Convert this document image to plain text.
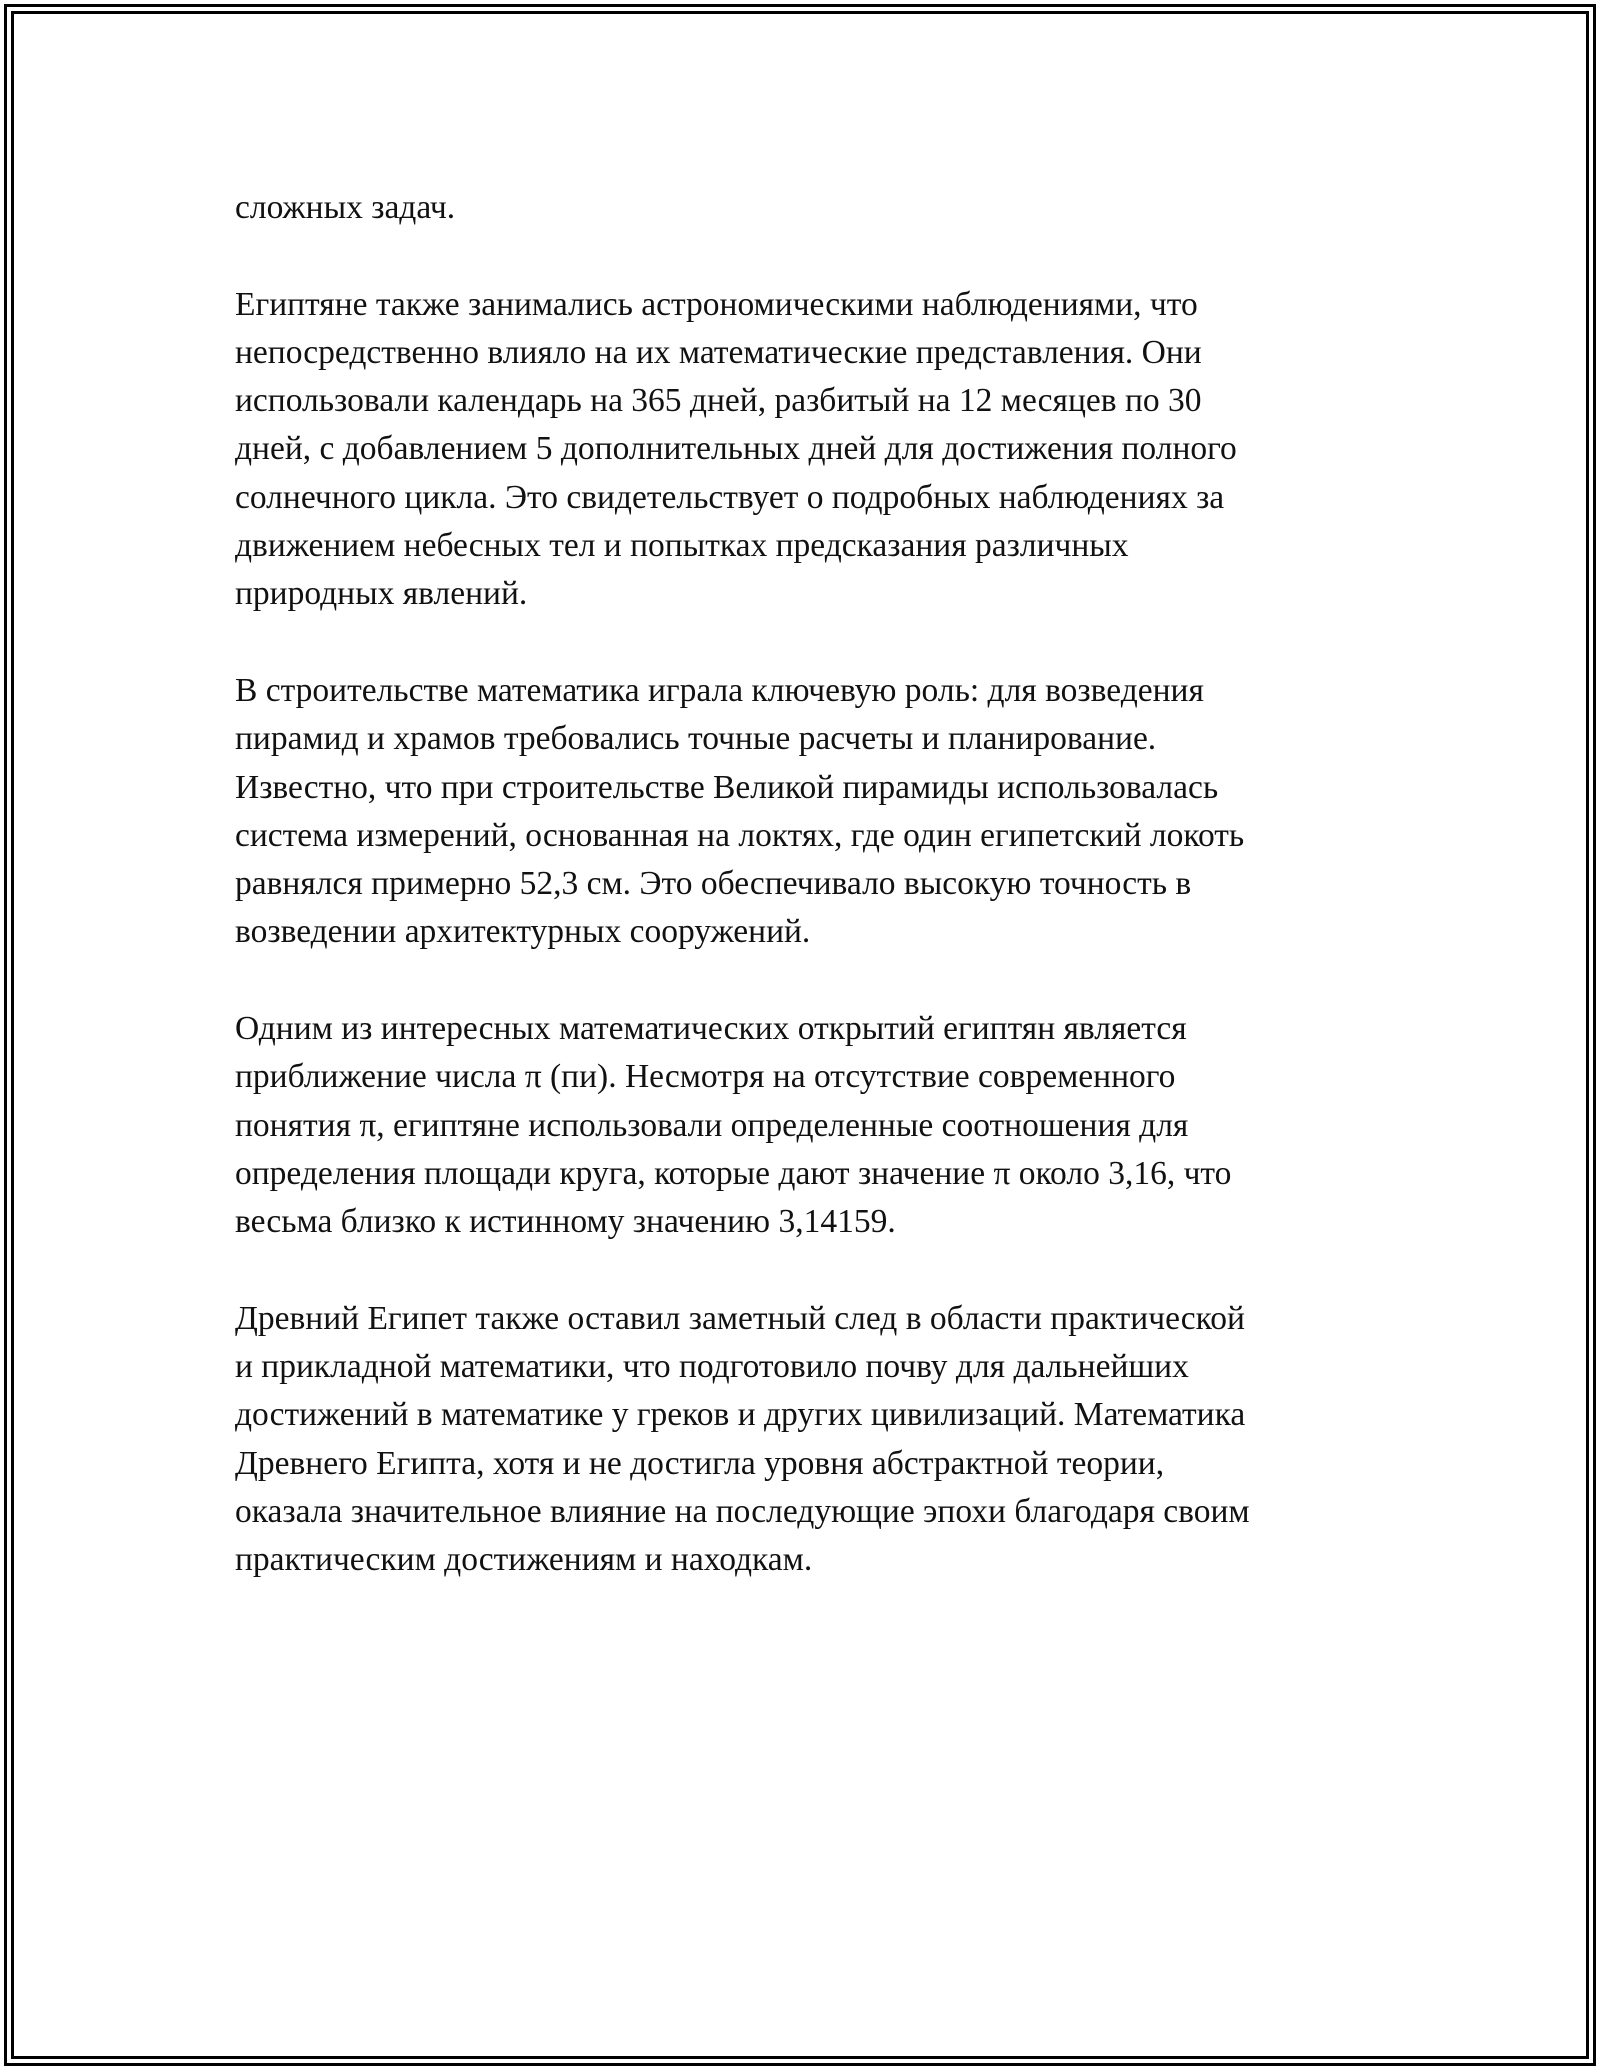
сложных задач.

Египтяне также занимались астрономическими наблюдениями, что
непосредственно влияло на их математические представления. Они
использовали календарь на 365 дней, разбитый на 12 месяцев по 30
дней, с добавлением 5 дополнительных дней для достижения полного
солнечного цикла. Это свидетельствует о подробных наблюдениях за
движением небесных тел и попытках предсказания различных
природных явлений.

В строительстве математика играла ключевую роль: для возведения
пирамид и храмов требовались точные расчеты и планирование.
Известно, что при строительстве Великой пирамиды использовалась
система измерений, основанная на локтях, где один египетский локоть
равнялся примерно 52,3 см. Это обеспечивало высокую точность в
возведении архитектурных сооружений.

Одним из интересных математических открытий египтян является
приближение числа π (пи). Несмотря на отсутствие современного
понятия π, египтяне использовали определенные соотношения для
определения площади круга, которые дают значение π около 3,16, что
весьма близко к истинному значению 3,14159.

Древний Египет также оставил заметный след в области практической
и прикладной математики, что подготовило почву для дальнейших
достижений в математике у греков и других цивилизаций. Математика
Древнего Египта, хотя и не достигла уровня абстрактной теории,
оказала значительное влияние на последующие эпохи благодаря своим
практическим достижениям и находкам.
